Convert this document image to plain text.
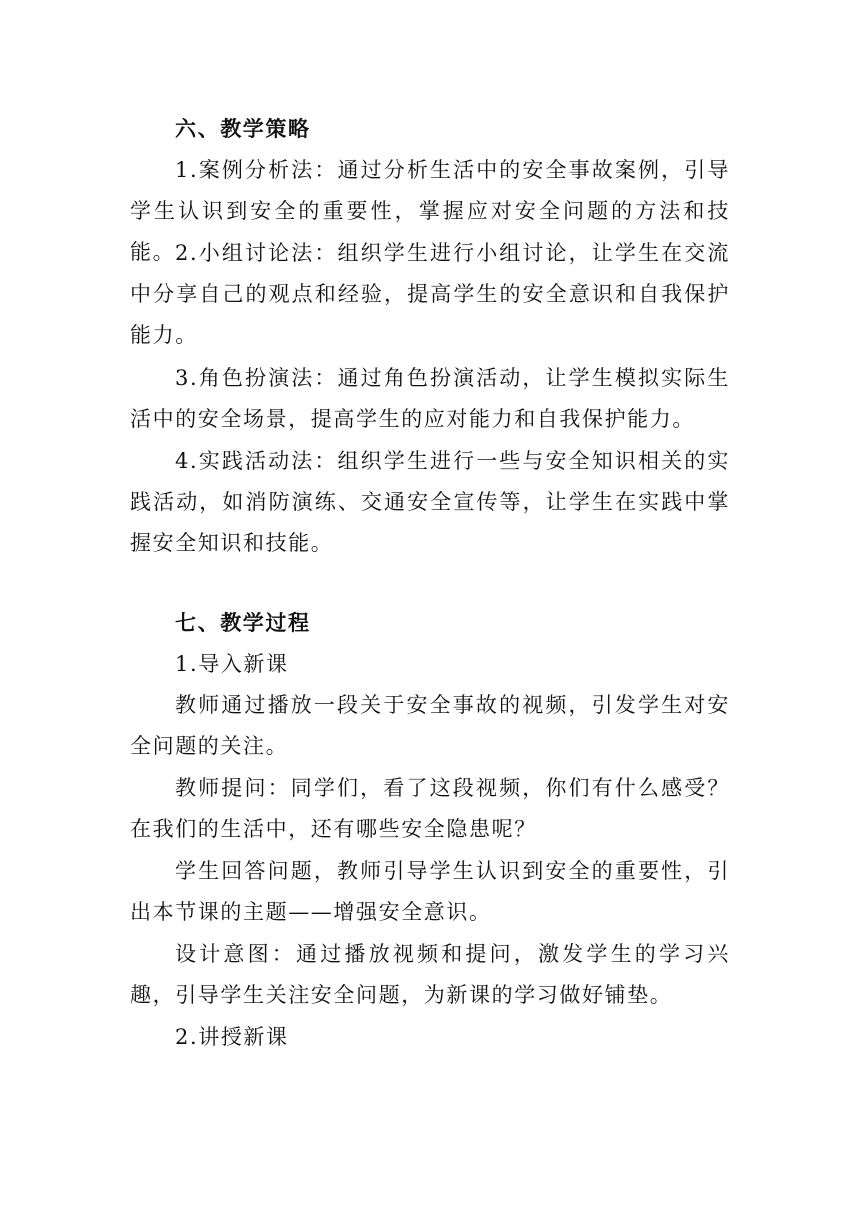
六、教学策略

1.案例分析法：通过分析生活中的安全事故案例，引导学生认识到安全的重要性，掌握应对安全问题的方法和技能。 2.小组讨论法：组织学生进行小组讨论，让学生在交流中分享自己的观点和经验，提高学生的安全意识和自我保护能力。

3.角色扮演法：通过角色扮演活动，让学生模拟实际生活中的安全场景，提高学生的应对能力和自我保护能力。

4.实践活动法：组织学生进行一些与安全知识相关的实践活动，如消防演练、交通安全宣传等，让学生在实践中掌握安全知识和技能。

七、教学过程

1.导入新课

教师通过播放一段关于安全事故的视频，引发学生对安全问题的关注。

教师提问：同学们，看了这段视频，你们有什么感受？在我们的生活中，还有哪些安全隐患呢？

学生回答问题，教师引导学生认识到安全的重要性，引出本节课的主题——增强安全意识。

设计意图：通过播放视频和提问，激发学生的学习兴趣，引导学生关注安全问题，为新课的学习做好铺垫。

2.讲授新课
